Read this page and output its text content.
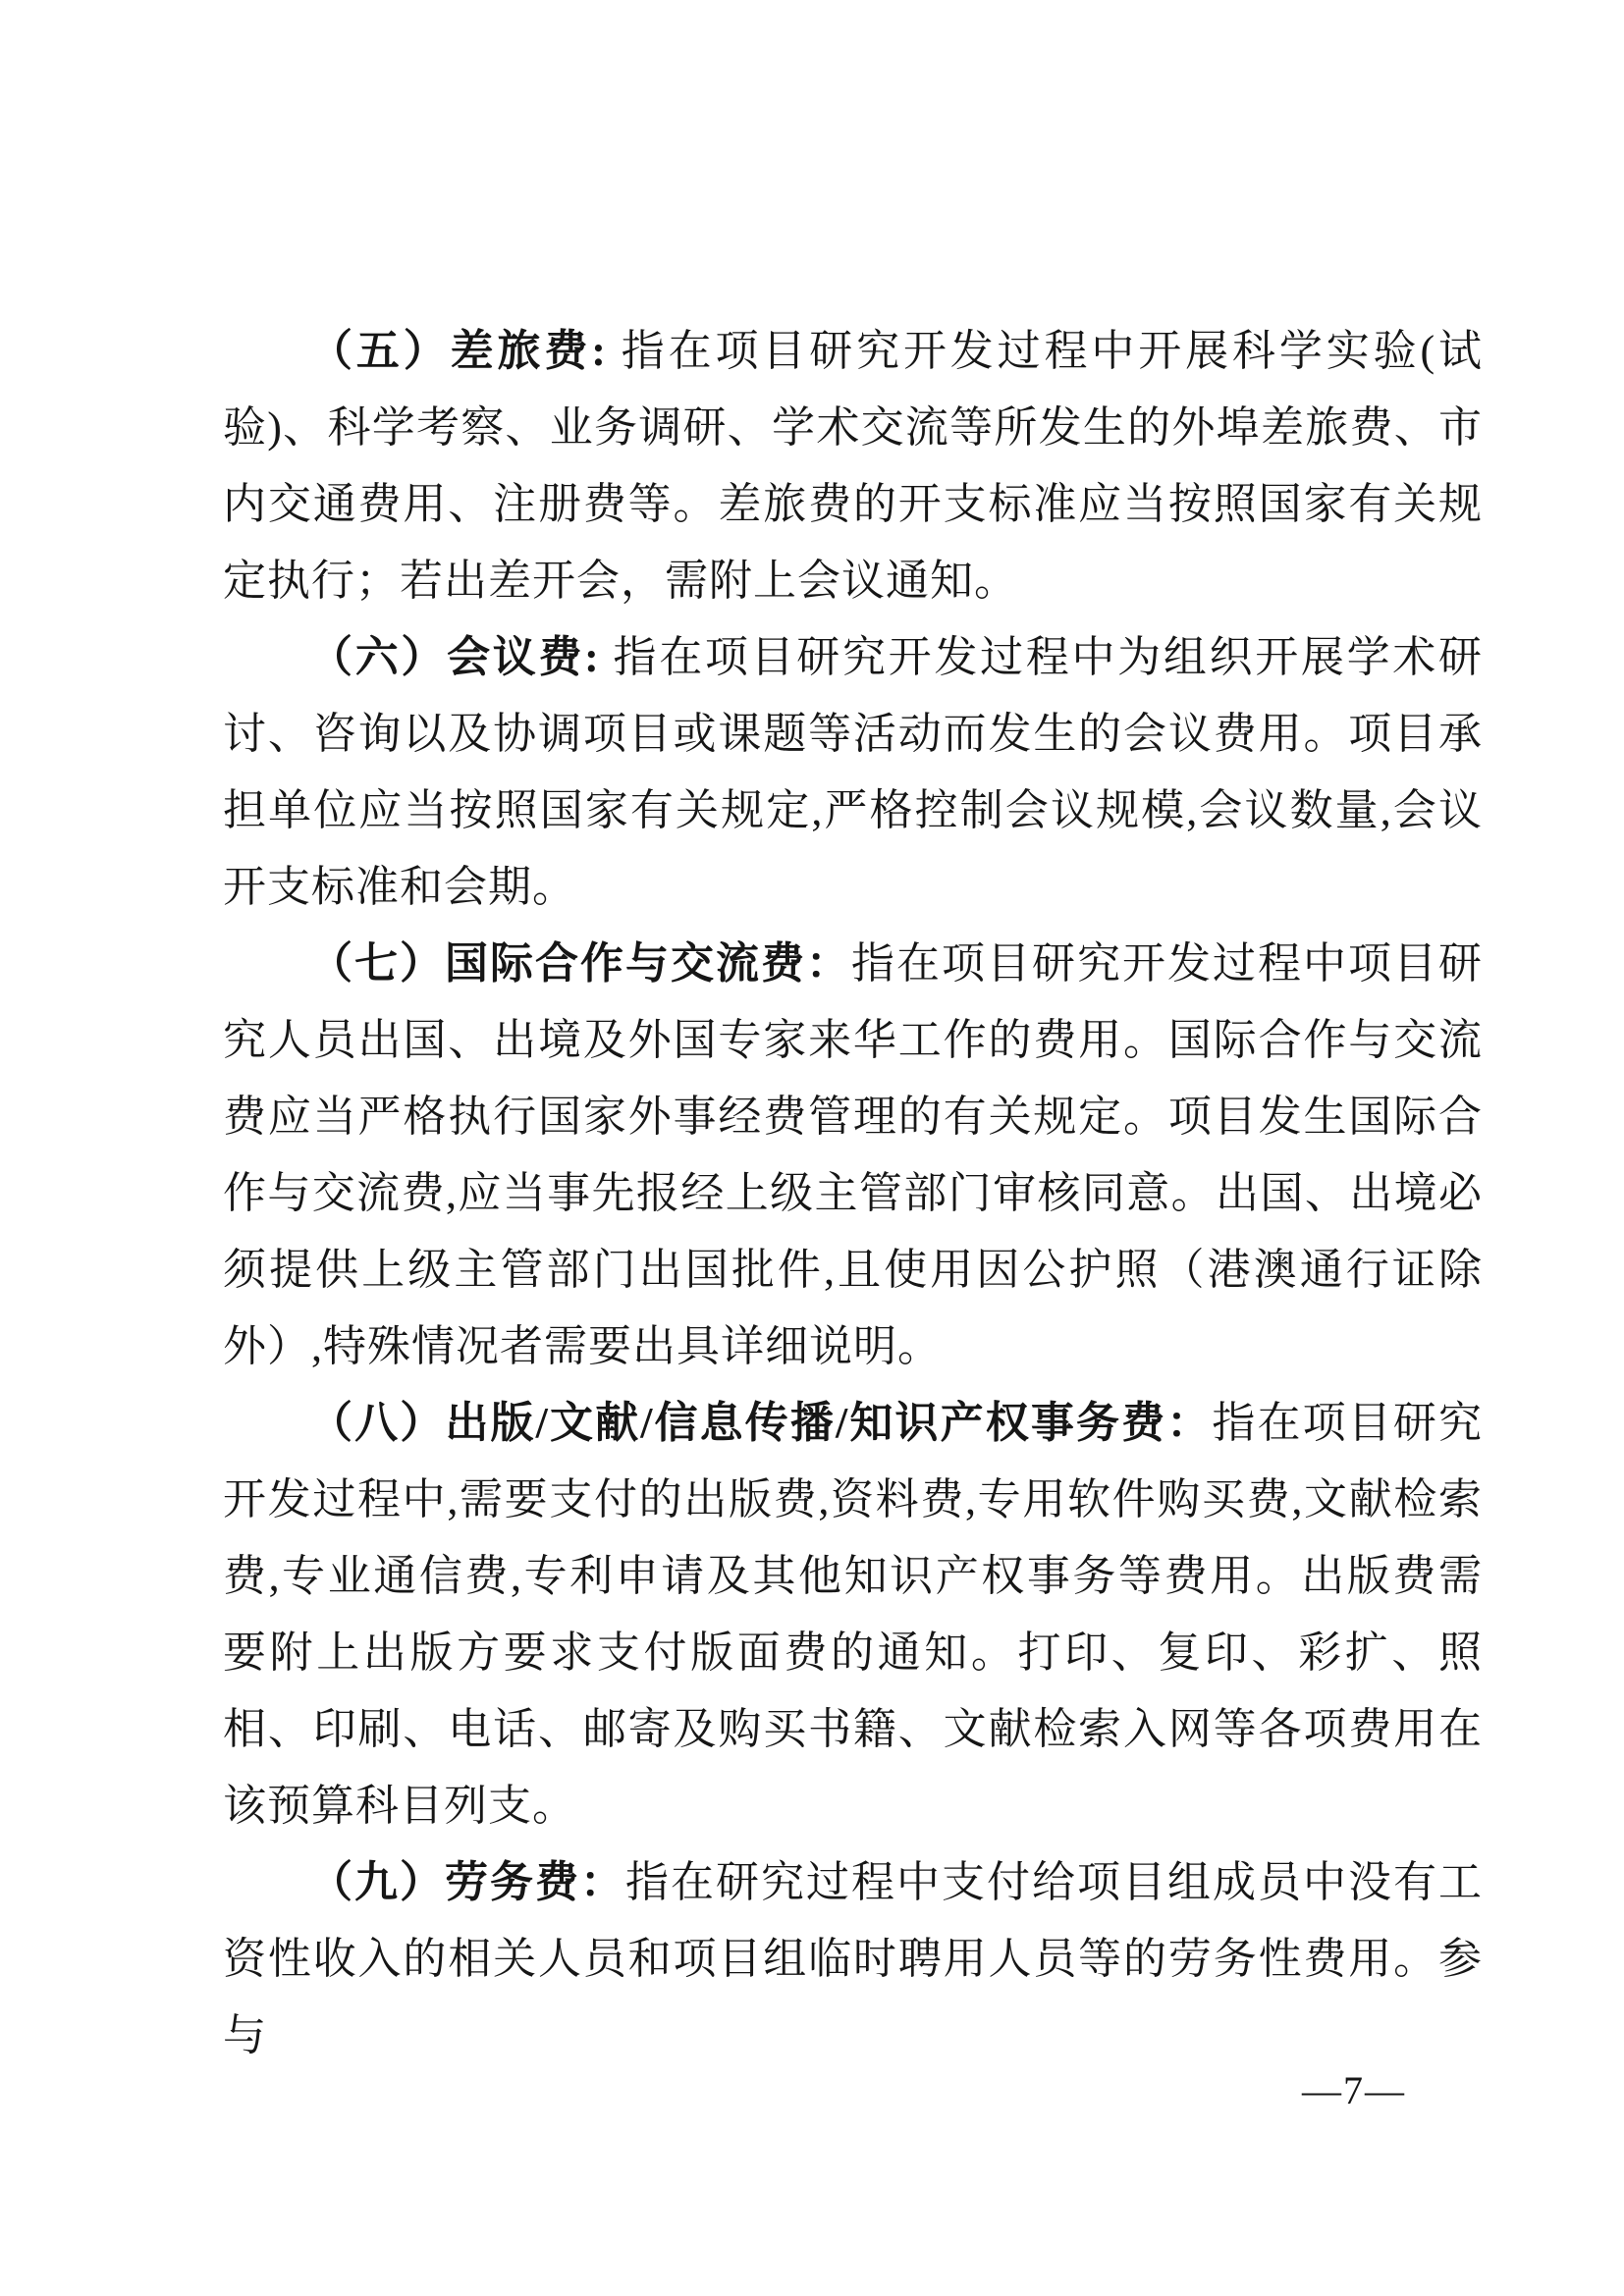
（五）差旅费: 指在项目研究开发过程中开展科学实验(试验)、科学考察、业务调研、学术交流等所发生的外埠差旅费、市内交通费用、注册费等。差旅费的开支标准应当按照国家有关规定执行；若出差开会，需附上会议通知。

（六）会议费: 指在项目研究开发过程中为组织开展学术研讨、咨询以及协调项目或课题等活动而发生的会议费用。项目承担单位应当按照国家有关规定,严格控制会议规模,会议数量,会议开支标准和会期。

（七）国际合作与交流费：指在项目研究开发过程中项目研究人员出国、出境及外国专家来华工作的费用。国际合作与交流费应当严格执行国家外事经费管理的有关规定。项目发生国际合作与交流费,应当事先报经上级主管部门审核同意。出国、出境必须提供上级主管部门出国批件,且使用因公护照（港澳通行证除外）,特殊情况者需要出具详细说明。

（八）出版/文献/信息传播/知识产权事务费：指在项目研究开发过程中,需要支付的出版费,资料费,专用软件购买费,文献检索费,专业通信费,专利申请及其他知识产权事务等费用。出版费需要附上出版方要求支付版面费的通知。打印、复印、彩扩、照相、印刷、电话、邮寄及购买书籍、文献检索入网等各项费用在该预算科目列支。

（九）劳务费：指在研究过程中支付给项目组成员中没有工资性收入的相关人员和项目组临时聘用人员等的劳务性费用。参与

—7—
